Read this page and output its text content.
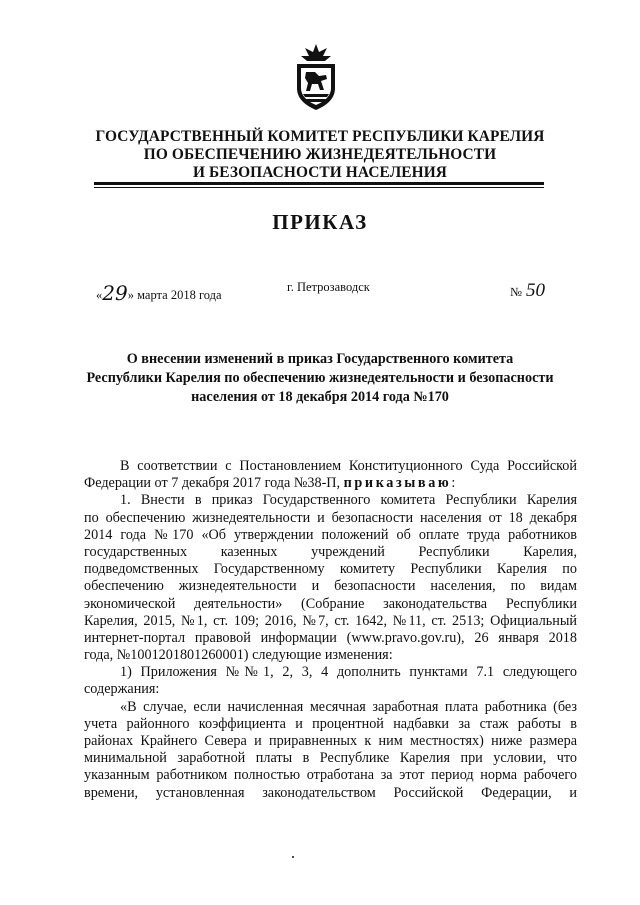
ГОСУДАРСТВЕННЫЙ КОМИТЕТ РЕСПУБЛИКИ КАРЕЛИЯ
ПО ОБЕСПЕЧЕНИЮ ЖИЗНЕДЕЯТЕЛЬНОСТИ
И БЕЗОПАСНОСТИ НАСЕЛЕНИЯ
ПРИКАЗ
«29» марта 2018 года
г. Петрозаводск	№ 50
О внесении изменений в приказ Государственного комитета
Республики Карелия по обеспечению жизнедеятельности и безопасности
населения от 18 декабря 2014 года №170
В соответствии с Постановлением Конституционного Суда Российской
Федерации от 7 декабря 2017 года №38-П, приказываю:
1. Внести в приказ Государственного комитета Республики Карелия
по обеспечению жизнедеятельности и безопасности населения от 18 декабря
2014 года №170 «Об утверждении положений об оплате труда работников
государственных казенных учреждений Республики Карелия,
подведомственных Государственному комитету Республики Карелия по
обеспечению жизнедеятельности и безопасности населения, по видам
экономической деятельности» (Собрание законодательства Республики
Карелия, 2015, №1, ст. 109; 2016, №7, ст. 1642, №11, ст. 2513; Официальный
интернет-портал правовой информации (www.pravo.gov.ru), 26 января 2018
года, №1001201801260001) следующие изменения:
1) Приложения №№1, 2, 3, 4 дополнить пунктами 7.1 следующего
содержания:
«В случае, если начисленная месячная заработная плата работника (без
учета районного коэффициента и процентной надбавки за стаж работы в
районах Крайнего Севера и приравненных к ним местностях) ниже размера
минимальной заработной платы в Республике Карелия при условии, что
указанным работником полностью отработана за этот период норма рабочего
времени, установленная законодательством Российской Федерации, и
